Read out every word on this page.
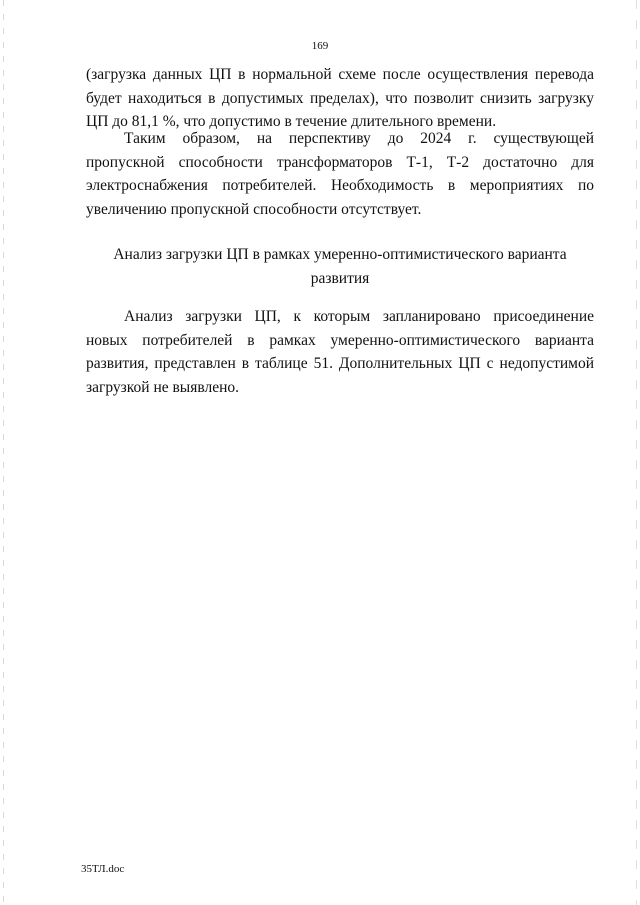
169
(загрузка данных ЦП в нормальной схеме после осуществления перевода
будет находиться в допустимых пределах), что позволит снизить загрузку
ЦП до 81,1 %, что допустимо в течение длительного времени.
Таким образом, на перспективу до 2024 г. существующей
пропускной способности трансформаторов Т-1, Т-2 достаточно для
электроснабжения потребителей. Необходимость в мероприятиях по
увеличению пропускной способности отсутствует.
Анализ загрузки ЦП в рамках умеренно-оптимистического варианта
развития
Анализ загрузки ЦП, к которым запланировано присоединение
новых потребителей в рамках умеренно-оптимистического варианта
развития, представлен в таблице 51. Дополнительных ЦП с недопустимой
загрузкой не выявлено.
35ТЛ.doc
